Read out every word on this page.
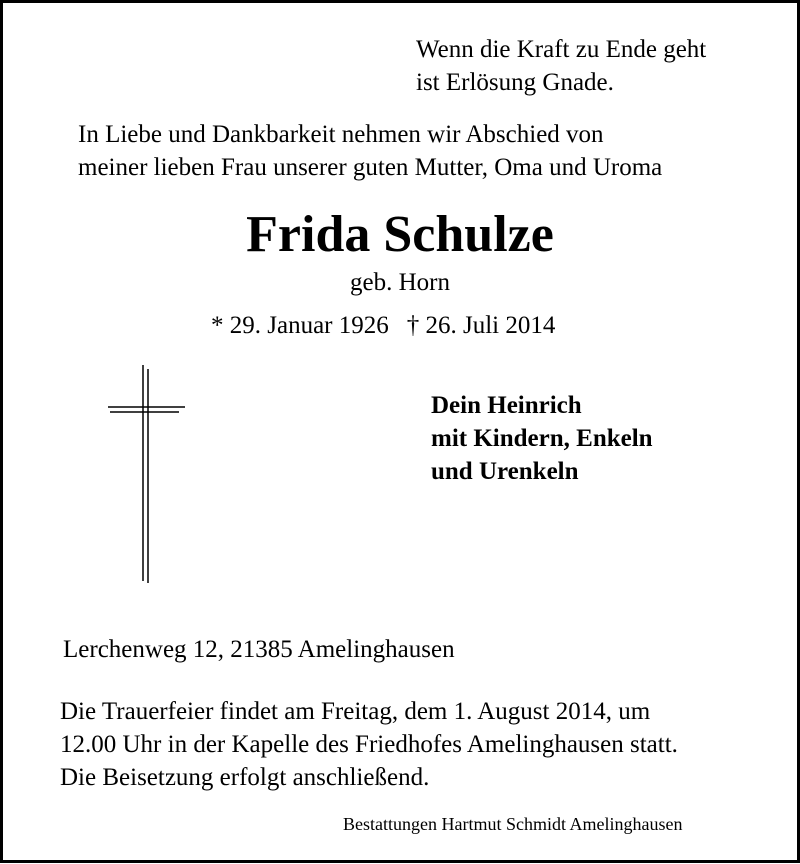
Wenn die Kraft zu Ende geht
ist Erlösung Gnade.
In Liebe und Dankbarkeit nehmen wir Abschied von
meiner lieben Frau unserer guten Mutter, Oma und Uroma
Frida Schulze
geb. Horn
* 29. Januar 1926 † 26. Juli 2014
Dein Heinrich
mit Kindern, Enkeln
und Urenkeln
Lerchenweg 12, 21385 Amelinghausen
Die Trauerfeier findet am Freitag, dem 1. August 2014, um
12.00 Uhr in der Kapelle des Friedhofes Amelinghausen statt.
Die Beisetzung erfolgt anschließend.
Bestattungen Hartmut Schmidt Amelinghausen
